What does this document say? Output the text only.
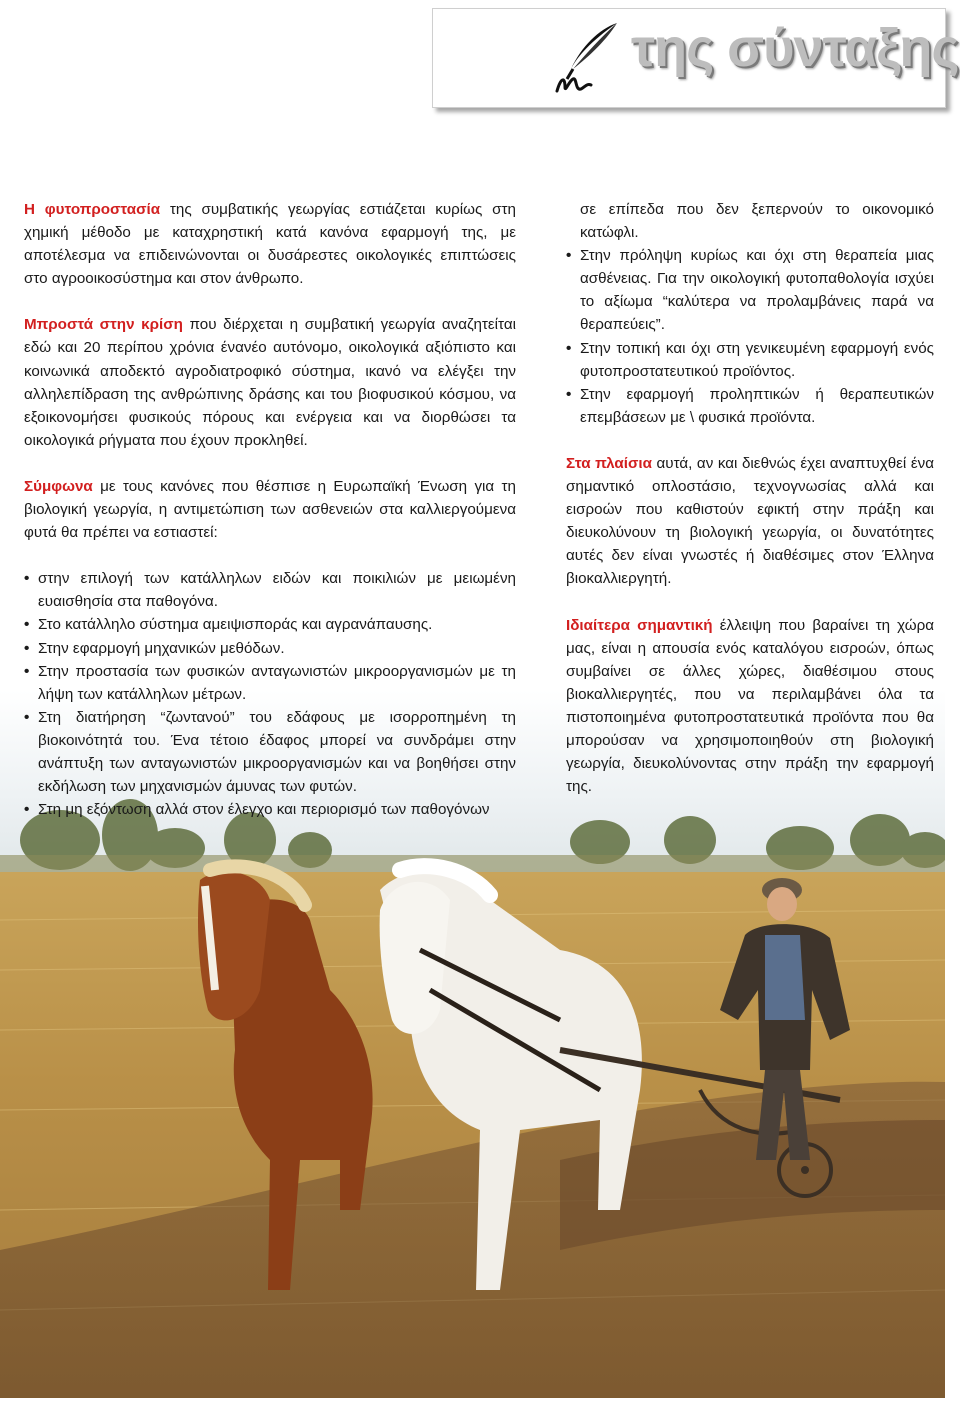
της σύνταξης

Η φυτοπροστασία της συμβατικής γεωργίας εστιάζεται κυρίως στη χημική μέθοδο με καταχρηστική κατά κανόνα εφαρμογή της, με αποτέλεσμα να επιδεινώνονται οι δυσάρεστες οικολογικές επιπτώσεις στο αγροοικοσύστημα και στον άνθρωπο.

Μπροστά στην κρίση που διέρχεται η συμβατική γεωργία αναζητείται εδώ και 20 περίπου χρόνια ένανέο αυτόνομο, οικολογικά αξιόπιστο και κοινωνικά αποδεκτό αγροδιατροφικό σύστημα, ικανό να ελέγξει την αλληλεπίδραση της ανθρώπινης δράσης και του βιοφυσικού κόσμου, να εξοικονομήσει φυσικούς πόρους και ενέργεια και να διορθώσει τα οικολογικά ρήγματα που έχουν προκληθεί.

Σύμφωνα με τους κανόνες που θέσπισε η Ευρωπαϊκή Ένωση για τη βιολογική γεωργία, η αντιμετώπιση των ασθενειών στα καλλιεργούμενα φυτά θα πρέπει να εστιαστεί:

• στην επιλογή των κατάλληλων ειδών και ποικιλιών με μειωμένη ευαισθησία στα παθογόνα.
• Στο κατάλληλο σύστημα αμειψισποράς και αγρανάπαυσης.
• Στην εφαρμογή μηχανικών μεθόδων.
• Στην προστασία των φυσικών ανταγωνιστών μικροοργανισμών με τη λήψη των κατάλληλων μέτρων.
• Στη διατήρηση “ζωντανού” του εδάφους με ισορροπημένη τη βιοκοινότητά του. Ένα τέτοιο έδαφος μπορεί να συνδράμει στην ανάπτυξη των ανταγωνιστών μικροοργανισμών και να βοηθήσει στην εκδήλωση των μηχανισμών άμυνας των φυτών.
• Στη μη εξόντωση αλλά στον έλεγχο και περιορισμό των παθογόνων
σε επίπεδα που δεν ξεπερνούν το οικονομικό κατώφλι.
• Στην πρόληψη κυρίως και όχι στη θεραπεία μιας ασθένειας. Για την οικολογική φυτοπαθολογία ισχύει το αξίωμα “καλύτερα να προλαμβάνεις παρά να θεραπεύεις”.
• Στην τοπική και όχι στη γενικευμένη εφαρμογή ενός φυτοπροστατευτικού προϊόντος.
• Στην εφαρμογή προληπτικών ή θεραπευτικών επεμβάσεων με \ φυσικά προϊόντα.

Στα πλαίσια αυτά, αν και διεθνώς έχει αναπτυχθεί ένα σημαντικό οπλοστάσιο, τεχνογνωσίας αλλά και εισροών που καθιστούν εφικτή στην πράξη και διευκολύνουν τη βιολογική γεωργία, οι δυνατότητες αυτές δεν είναι γνωστές ή διαθέσιμες στον Έλληνα βιοκαλλιεργητή.

Ιδιαίτερα σημαντική έλλειψη που βαραίνει τη χώρα μας, είναι η απουσία ενός καταλόγου εισροών, όπως συμβαίνει σε άλλες χώρες, διαθέσιμου στους βιοκαλλιεργητές, που να περιλαμβάνει όλα τα πιστοποιημένα φυτοπροστατευτικά προϊόντα που θα μπορούσαν να χρησιμοποιηθούν στη βιολογική γεωργία, διευκολύνοντας στην πράξη την εφαρμογή της.
